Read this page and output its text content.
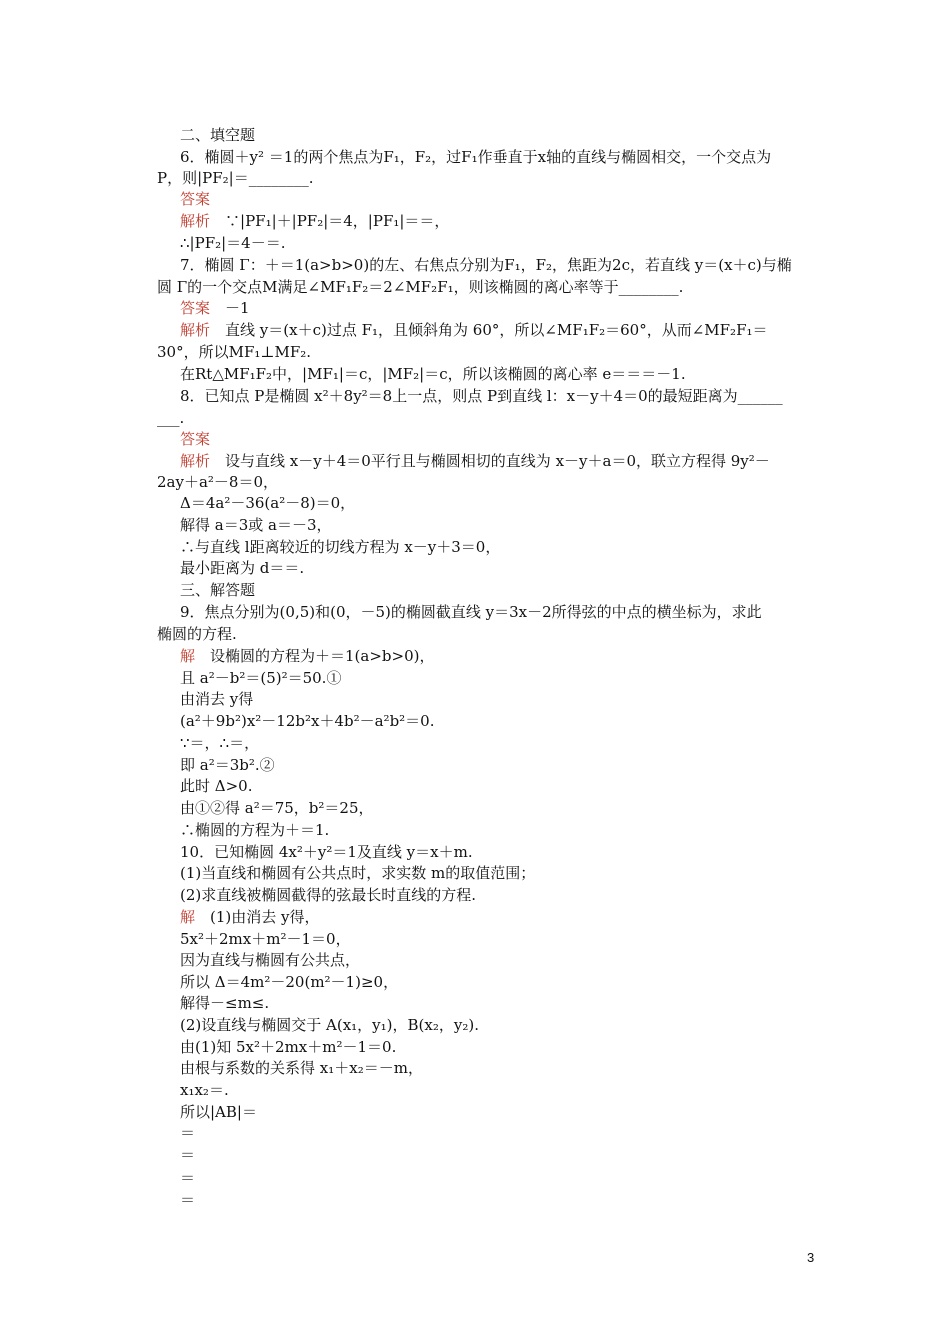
二、填空题
6．椭圆＋y² ＝1的两个焦点为F₁，F₂，过F₁作垂直于x轴的直线与椭圆相交，一个交点为
P，则|PF₂|＝________.
答案
解析　∵|PF₁|＋|PF₂|＝4，|PF₁|＝＝，
∴|PF₂|＝4－＝.
7．椭圆 Γ：＋＝1(a>b>0)的左、右焦点分别为F₁，F₂，焦距为2c，若直线 y＝(x＋c)与椭
圆 Γ的一个交点M满足∠MF₁F₂＝2∠MF₂F₁，则该椭圆的离心率等于________.
答案　－1
解析　直线 y＝(x＋c)过点 F₁，且倾斜角为 60°，所以∠MF₁F₂＝60°，从而∠MF₂F₁＝
30°，所以MF₁⊥MF₂.
在Rt△MF₁F₂中，|MF₁|＝c，|MF₂|＝c，所以该椭圆的离心率 e＝＝＝－1.
8．已知点 P是椭圆 x²＋8y²＝8上一点，则点 P到直线 l：x－y＋4＝0的最短距离为______
___.
答案
解析　设与直线 x－y＋4＝0平行且与椭圆相切的直线为 x－y＋a＝0，联立方程得 9y²－
2ay＋a²－8＝0，
Δ＝4a²－36(a²－8)＝0，
解得 a＝3或 a＝－3，
∴与直线 l距离较近的切线方程为 x－y＋3＝0，
最小距离为 d＝＝.
三、解答题
9．焦点分别为(0,5)和(0，－5)的椭圆截直线 y＝3x－2所得弦的中点的横坐标为，求此
椭圆的方程.
解　设椭圆的方程为＋＝1(a>b>0)，
且 a²－b²＝(5)²＝50.①
由消去 y得
(a²＋9b²)x²－12b²x＋4b²－a²b²＝0.
∵＝，∴＝，
即 a²＝3b².②
此时 Δ>0.
由①②得 a²＝75，b²＝25，
∴椭圆的方程为＋＝1.
10．已知椭圆 4x²＋y²＝1及直线 y＝x＋m.
(1)当直线和椭圆有公共点时，求实数 m的取值范围；
(2)求直线被椭圆截得的弦最长时直线的方程.
解　(1)由消去 y得，
5x²＋2mx＋m²－1＝0，
因为直线与椭圆有公共点，
所以 Δ＝4m²－20(m²－1)≥0，
解得－≤m≤.
(2)设直线与椭圆交于 A(x₁，y₁)，B(x₂，y₂).
由(1)知 5x²＋2mx＋m²－1＝0.
由根与系数的关系得 x₁＋x₂＝－m，
x₁x₂＝.
所以|AB|＝
＝
＝
＝
＝
3
